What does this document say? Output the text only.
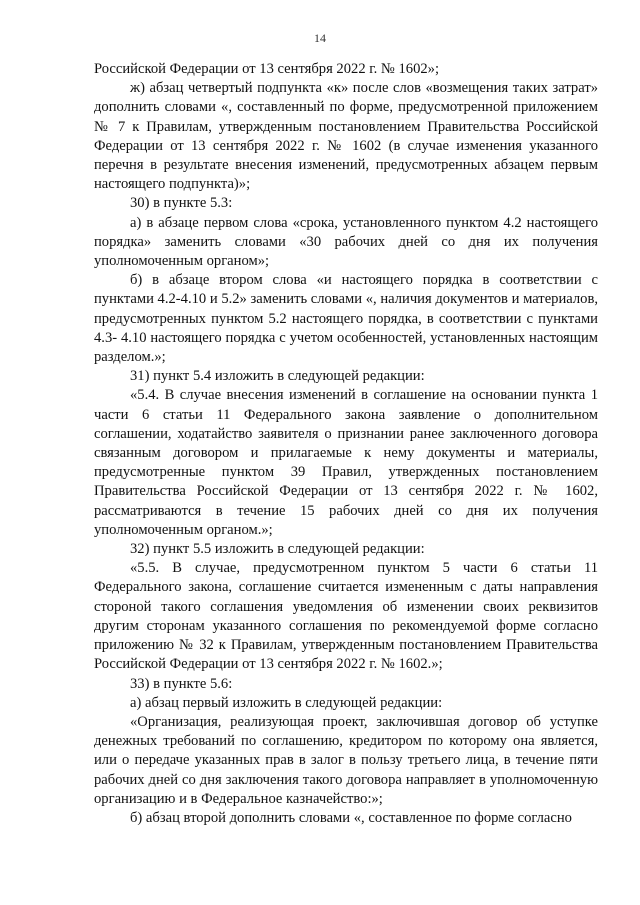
14

Российской Федерации от 13 сентября 2022 г. № 1602»;

ж) абзац четвертый подпункта «к» после слов «возмещения таких затрат» дополнить словами «, составленный по форме, предусмотренной приложением № 7 к Правилам, утвержденным постановлением Правительства Российской Федерации от 13 сентября 2022 г. № 1602 (в случае изменения указанного перечня в результате внесения изменений, предусмотренных абзацем первым настоящего подпункта)»;

30) в пункте 5.3:

а) в абзаце первом слова «срока, установленного пунктом 4.2 настоящего порядка» заменить словами «30 рабочих дней со дня их получения уполномоченным органом»;

б) в абзаце втором слова «и настоящего порядка в соответствии с пунктами 4.2-4.10 и 5.2» заменить словами «, наличия документов и материалов, предусмотренных пунктом 5.2 настоящего порядка, в соответствии с пунктами 4.3- 4.10 настоящего порядка с учетом особенностей, установленных настоящим разделом.»;

31) пункт 5.4 изложить в следующей редакции:

«5.4. В случае внесения изменений в соглашение на основании пункта 1 части 6 статьи 11 Федерального закона заявление о дополнительном соглашении, ходатайство заявителя о признании ранее заключенного договора связанным договором и прилагаемые к нему документы и материалы, предусмотренные пунктом 39 Правил, утвержденных постановлением Правительства Российской Федерации от 13 сентября 2022 г. № 1602, рассматриваются в течение 15 рабочих дней со дня их получения уполномоченным органом.»;

32) пункт 5.5 изложить в следующей редакции:

«5.5. В случае, предусмотренном пунктом 5 части 6 статьи 11 Федерального закона, соглашение считается измененным с даты направления стороной такого соглашения уведомления об изменении своих реквизитов другим сторонам указанного соглашения по рекомендуемой форме согласно приложению № 32 к Правилам, утвержденным постановлением Правительства Российской Федерации от 13 сентября 2022 г. № 1602.»;

33) в пункте 5.6:

а) абзац первый изложить в следующей редакции:

«Организация, реализующая проект, заключившая договор об уступке денежных требований по соглашению, кредитором по которому она является, или о передаче указанных прав в залог в пользу третьего лица, в течение пяти рабочих дней со дня заключения такого договора направляет в уполномоченную организацию и в Федеральное казначейство:»;

б) абзац второй дополнить словами «, составленное по форме согласно
